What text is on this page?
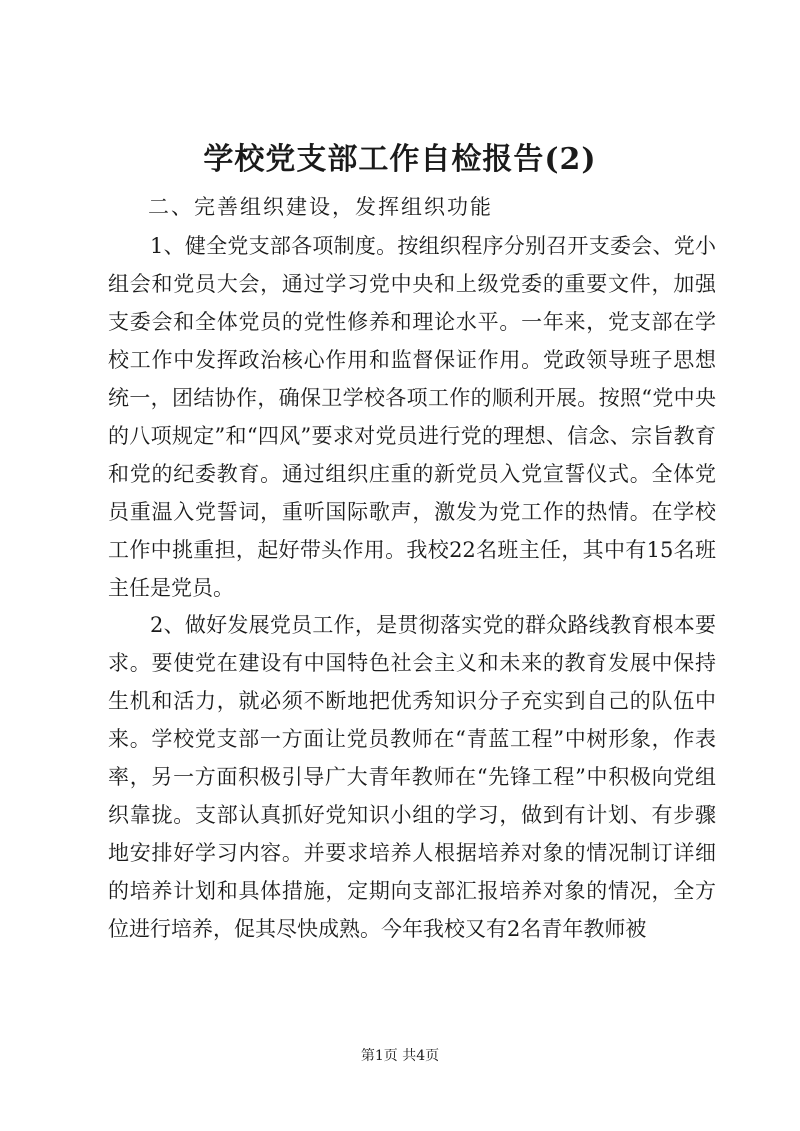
学校党支部工作自检报告(2)

二、完善组织建设，发挥组织功能

1、健全党支部各项制度。按组织程序分别召开支委会、党小组会和党员大会，通过学习党中央和上级党委的重要文件，加强支委会和全体党员的党性修养和理论水平。一年来，党支部在学校工作中发挥政治核心作用和监督保证作用。党政领导班子思想统一，团结协作，确保卫学校各项工作的顺利开展。按照“党中央的八项规定”和“四风”要求对党员进行党的理想、信念、宗旨教育和党的纪委教育。通过组织庄重的新党员入党宣誓仪式。全体党员重温入党誓词，重听国际歌声，激发为党工作的热情。在学校工作中挑重担，起好带头作用。我校22名班主任，其中有15名班主任是党员。

2、做好发展党员工作，是贯彻落实党的群众路线教育根本要求。要使党在建设有中国特色社会主义和未来的教育发展中保持生机和活力，就必须不断地把优秀知识分子充实到自己的队伍中来。学校党支部一方面让党员教师在“青蓝工程”中树形象，作表率，另一方面积极引导广大青年教师在“先锋工程”中积极向党组织靠拢。支部认真抓好党知识小组的学习，做到有计划、有步骤地安排好学习内容。并要求培养人根据培养对象的情况制订详细的培养计划和具体措施，定期向支部汇报培养对象的情况，全方位进行培养，促其尽快成熟。今年我校又有2名青年教师被

第1页 共4页
